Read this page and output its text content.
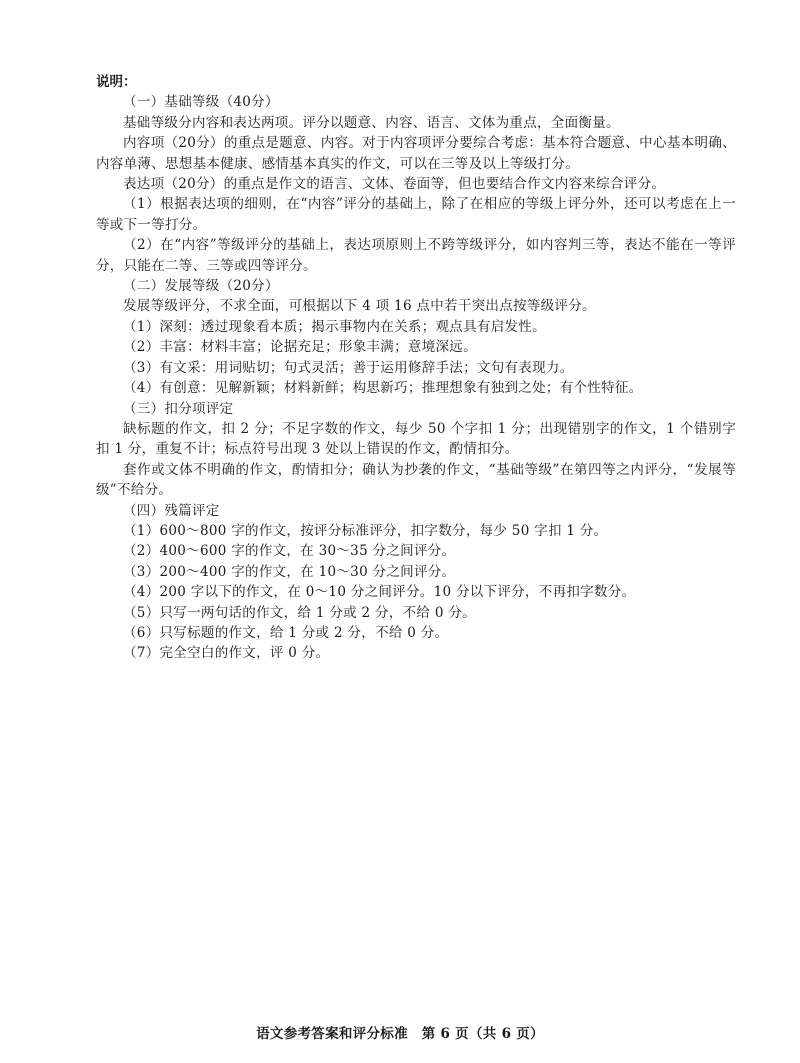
说明：
（一）基础等级（40分）
基础等级分内容和表达两项。评分以题意、内容、语言、文体为重点，全面衡量。
内容项（20分）的重点是题意、内容。对于内容项评分要综合考虑：基本符合题意、中心基本明确、内容单薄、思想基本健康、感情基本真实的作文，可以在三等及以上等级打分。
表达项（20分）的重点是作文的语言、文体、卷面等，但也要结合作文内容来综合评分。
（1）根据表达项的细则，在“内容”评分的基础上，除了在相应的等级上评分外，还可以考虑在上一等或下一等打分。
（2）在“内容”等级评分的基础上，表达项原则上不跨等级评分，如内容判三等，表达不能在一等评分，只能在二等、三等或四等评分。
（二）发展等级（20分）
发展等级评分，不求全面，可根据以下 4 项 16 点中若干突出点按等级评分。
（1）深刻：透过现象看本质；揭示事物内在关系；观点具有启发性。
（2）丰富：材料丰富；论据充足；形象丰满；意境深远。
（3）有文采：用词贴切；句式灵活；善于运用修辞手法；文句有表现力。
（4）有创意：见解新颖；材料新鲜；构思新巧；推理想象有独到之处；有个性特征。
（三）扣分项评定
缺标题的作文，扣 2 分；不足字数的作文，每少 50 个字扣 1 分；出现错别字的作文，1 个错别字扣 1 分，重复不计；标点符号出现 3 处以上错误的作文，酌情扣分。
套作或文体不明确的作文，酌情扣分；确认为抄袭的作文，“基础等级”在第四等之内评分，“发展等级”不给分。
（四）残篇评定
（1）600～800 字的作文，按评分标准评分，扣字数分，每少 50 字扣 1 分。
（2）400～600 字的作文，在 30～35 分之间评分。
（3）200～400 字的作文，在 10～30 分之间评分。
（4）200 字以下的作文，在 0～10 分之间评分。10 分以下评分，不再扣字数分。
（5）只写一两句话的作文，给 1 分或 2 分，不给 0 分。
（6）只写标题的作文，给 1 分或 2 分，不给 0 分。
（7）完全空白的作文，评 0 分。
语文参考答案和评分标准　第 6 页（共 6 页）
